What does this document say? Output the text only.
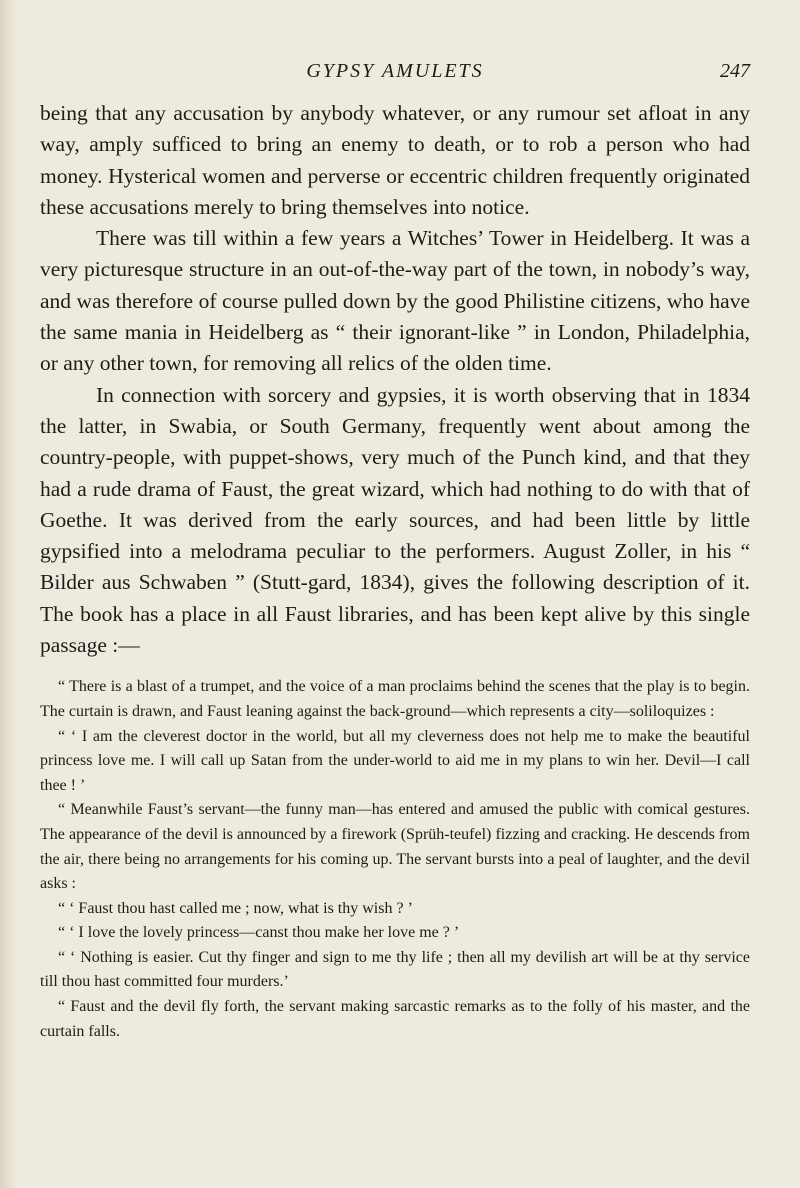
GYPSY AMULETS	247

being that any accusation by anybody whatever, or any rumour set afloat in any way, amply sufficed to bring an enemy to death, or to rob a person who had money. Hysterical women and perverse or eccentric children frequently originated these accusations merely to bring themselves into notice.

There was till within a few years a Witches’ Tower in Heidelberg. It was a very picturesque structure in an out-of-the-way part of the town, in nobody’s way, and was therefore of course pulled down by the good Philistine citizens, who have the same mania in Heidelberg as “ their ignorant-like ” in London, Philadelphia, or any other town, for removing all relics of the olden time.

In connection with sorcery and gypsies, it is worth observing that in 1834 the latter, in Swabia, or South Germany, frequently went about among the country-people, with puppet-shows, very much of the Punch kind, and that they had a rude drama of Faust, the great wizard, which had nothing to do with that of Goethe. It was derived from the early sources, and had been little by little gypsified into a melodrama peculiar to the performers. August Zoller, in his “ Bilder aus Schwaben ” (Stutt-gard, 1834), gives the following description of it. The book has a place in all Faust libraries, and has been kept alive by this single passage :—

“ There is a blast of a trumpet, and the voice of a man proclaims behind the scenes that the play is to begin. The curtain is drawn, and Faust leaning against the back-ground—which represents a city—soliloquizes :

“ ‘ I am the cleverest doctor in the world, but all my cleverness does not help me to make the beautiful princess love me. I will call up Satan from the under-world to aid me in my plans to win her. Devil—I call thee ! ’

“ Meanwhile Faust’s servant—the funny man—has entered and amused the public with comical gestures. The appearance of the devil is announced by a firework (Sprüh-teufel) fizzing and cracking. He descends from the air, there being no arrangements for his coming up. The servant bursts into a peal of laughter, and the devil asks :

“ ‘ Faust thou hast called me ; now, what is thy wish ? ’

“ ‘ I love the lovely princess—canst thou make her love me ? ’

“ ‘ Nothing is easier. Cut thy finger and sign to me thy life ; then all my devilish art will be at thy service till thou hast committed four murders.’

“ Faust and the devil fly forth, the servant making sarcastic remarks as to the folly of his master, and the curtain falls.
